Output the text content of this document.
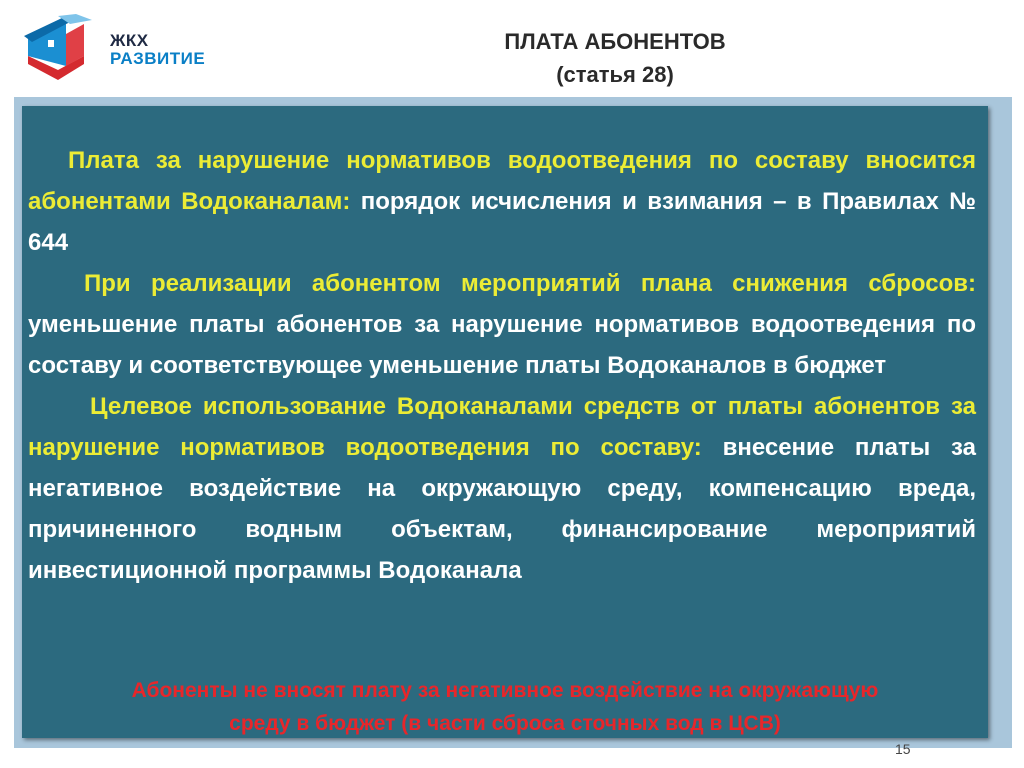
ЖКХ
РАЗВИТИЕ
ПЛАТА АБОНЕНТОВ
(статья 28)

Плата за нарушение нормативов водоотведения по составу вносится абонентами Водоканалам: порядок исчисления и взимания – в Правилах № 644

При реализации абонентом мероприятий плана снижения сбросов: уменьшение платы абонентов за нарушение нормативов водоотведения по составу и соответствующее уменьшение платы Водоканалов в бюджет

Целевое использование Водоканалами средств от платы абонентов за нарушение нормативов водоотведения по составу: внесение платы за негативное воздействие на окружающую среду, компенсацию вреда, причиненного водным объектам, финансирование мероприятий инвестиционной программы Водоканала

Абоненты не вносят плату за негативное воздействие на окружающую
среду в бюджет (в части сброса сточных вод в ЦСВ)
15
